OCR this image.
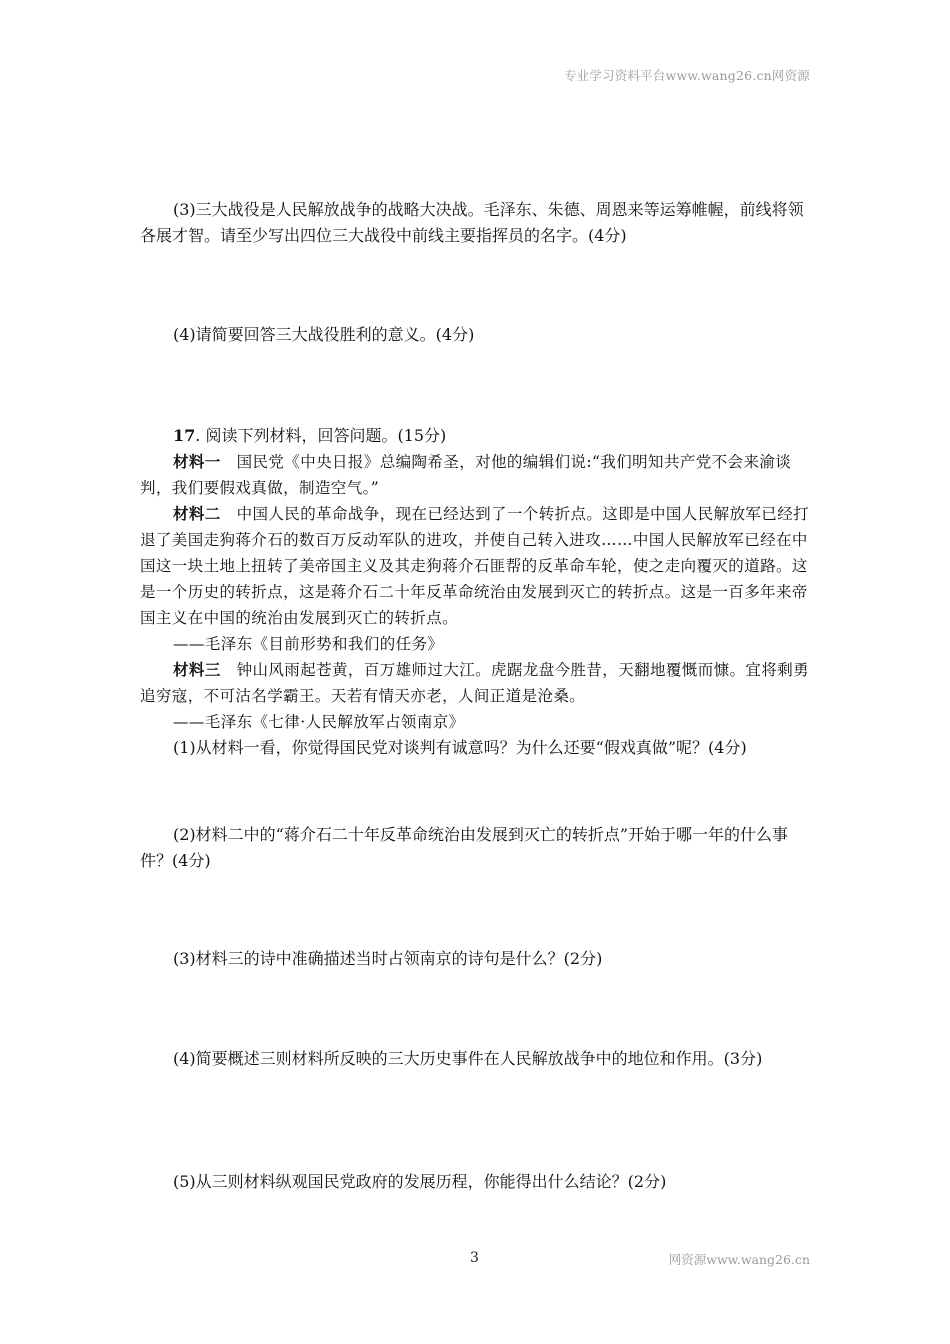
专业学习资料平台www.wang26.cn网资源

(3)三大战役是人民解放战争的战略大决战。毛泽东、朱德、周恩来等运筹帷幄，前线将领各展才智。请至少写出四位三大战役中前线主要指挥员的名字。(4分)

(4)请简要回答三大战役胜利的意义。(4分)

17. 阅读下列材料，回答问题。(15分)

材料一　国民党《中央日报》总编陶希圣，对他的编辑们说:“我们明知共产党不会来渝谈判，我们要假戏真做，制造空气。”

材料二　中国人民的革命战争，现在已经达到了一个转折点。这即是中国人民解放军已经打退了美国走狗蒋介石的数百万反动军队的进攻，并使自己转入进攻……中国人民解放军已经在中国这一块土地上扭转了美帝国主义及其走狗蒋介石匪帮的反革命车轮，使之走向覆灭的道路。这是一个历史的转折点，这是蒋介石二十年反革命统治由发展到灭亡的转折点。这是一百多年来帝国主义在中国的统治由发展到灭亡的转折点。

——毛泽东《目前形势和我们的任务》

材料三　钟山风雨起苍黄，百万雄师过大江。虎踞龙盘今胜昔，天翻地覆慨而慷。宜将剩勇追穷寇，不可沽名学霸王。天若有情天亦老，人间正道是沧桑。

——毛泽东《七律·人民解放军占领南京》

(1)从材料一看，你觉得国民党对谈判有诚意吗？为什么还要“假戏真做”呢？(4分)

(2)材料二中的“蒋介石二十年反革命统治由发展到灭亡的转折点”开始于哪一年的什么事件？(4分)

(3)材料三的诗中准确描述当时占领南京的诗句是什么？(2分)

(4)简要概述三则材料所反映的三大历史事件在人民解放战争中的地位和作用。(3分)

(5)从三则材料纵观国民党政府的发展历程，你能得出什么结论？(2分)

3	网资源www.wang26.cn
